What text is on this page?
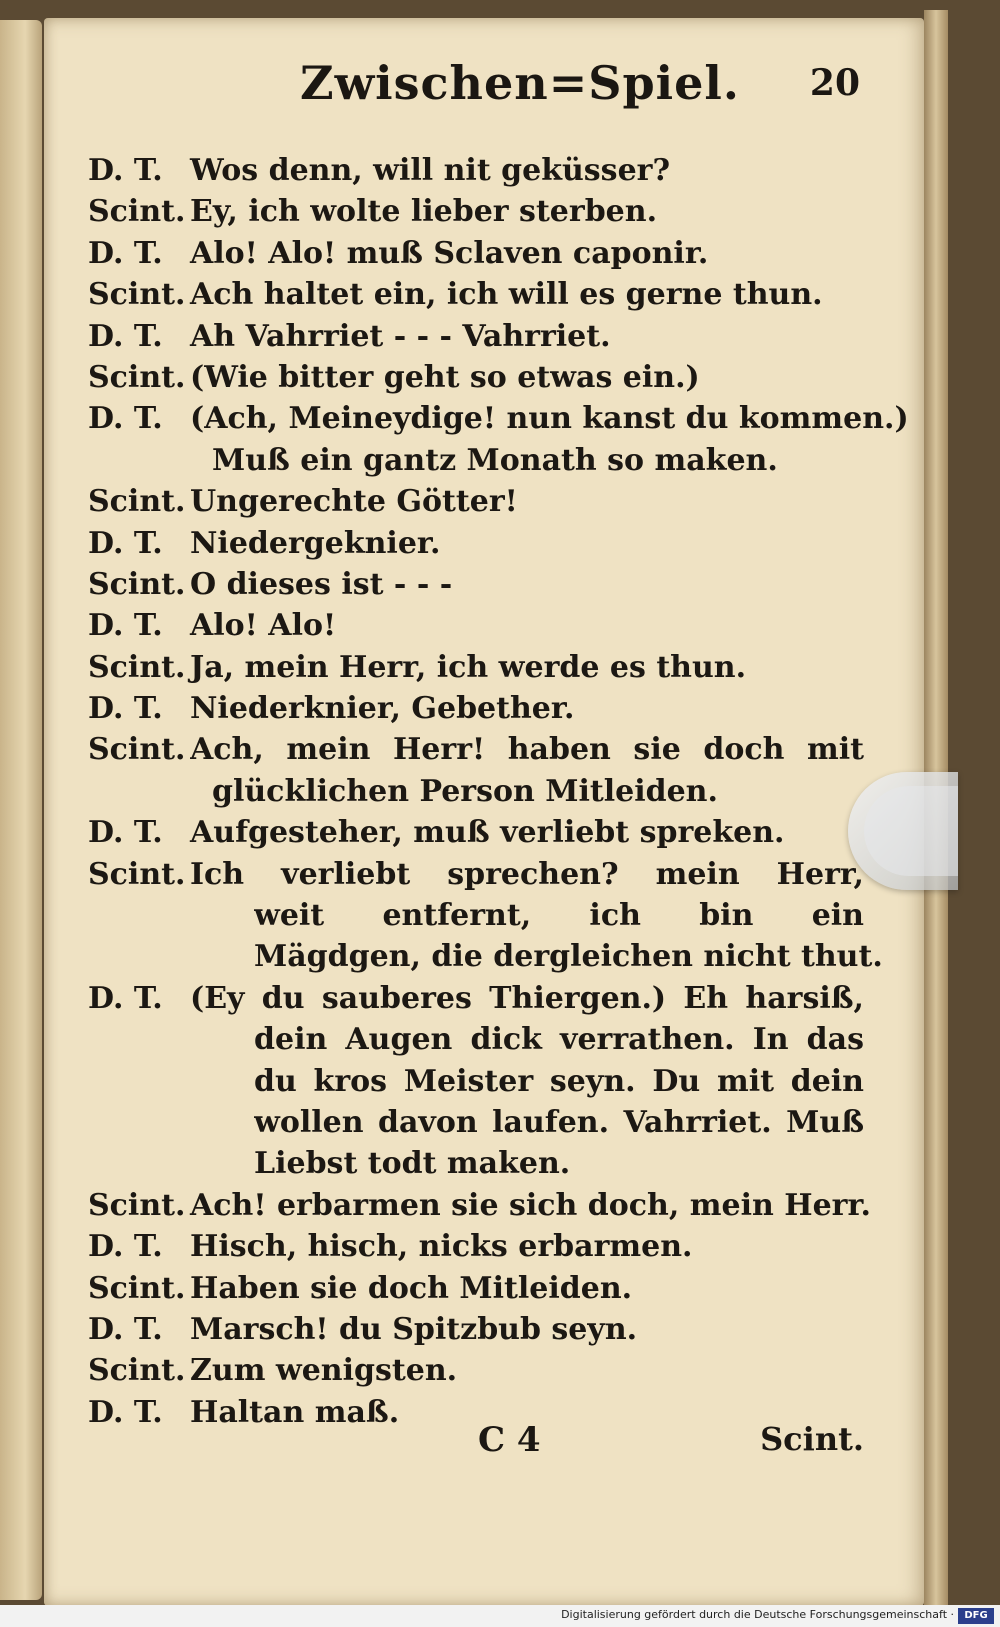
Zwischen=Spiel. 20
D. T. Wos denn, will nit geküsser?
Scint. Ey, ich wolte lieber sterben.
D. T. Alo! Alo! muß Sclaven caponir.
Scint. Ach haltet ein, ich will es gerne thun.
D. T. Ah Vahrriet - - - Vahrriet.
Scint. (Wie bitter geht so etwas ein.)
D. T. (Ach, Meineydige! nun kanst du kommen.)
Muß ein gantz Monath so maken.
Scint. Ungerechte Götter!
D. T. Niedergeknier.
Scint. O dieses ist - - -
D. T. Alo! Alo!
Scint. Ja, mein Herr, ich werde es thun.
D. T. Niederknier, Gebether.
Scint. Ach, mein Herr! haben sie doch mit
glücklichen Person Mitleiden.
D. T. Aufgesteher, muß verliebt spreken.
Scint. Ich verliebt sprechen? mein Herr,
weit entfernt, ich bin ein
Mägdgen, die dergleichen nicht thut.
D. T. (Ey du sauberes Thiergen.) Eh harsiß,
dein Augen dick verrathen. In das
du kros Meister seyn. Du mit dein
wollen davon laufen. Vahrriet. Muß
Liebst todt maken.
Scint. Ach! erbarmen sie sich doch, mein Herr.
D. T. Hisch, hisch, nicks erbarmen.
Scint. Haben sie doch Mitleiden.
D. T. Marsch! du Spitzbub seyn.
Scint. Zum wenigsten.
D. T. Haltan maß.
C 4	Scint.
Digitalisierung gefördert durch die Deutsche Forschungsgemeinschaft ·	DFG
